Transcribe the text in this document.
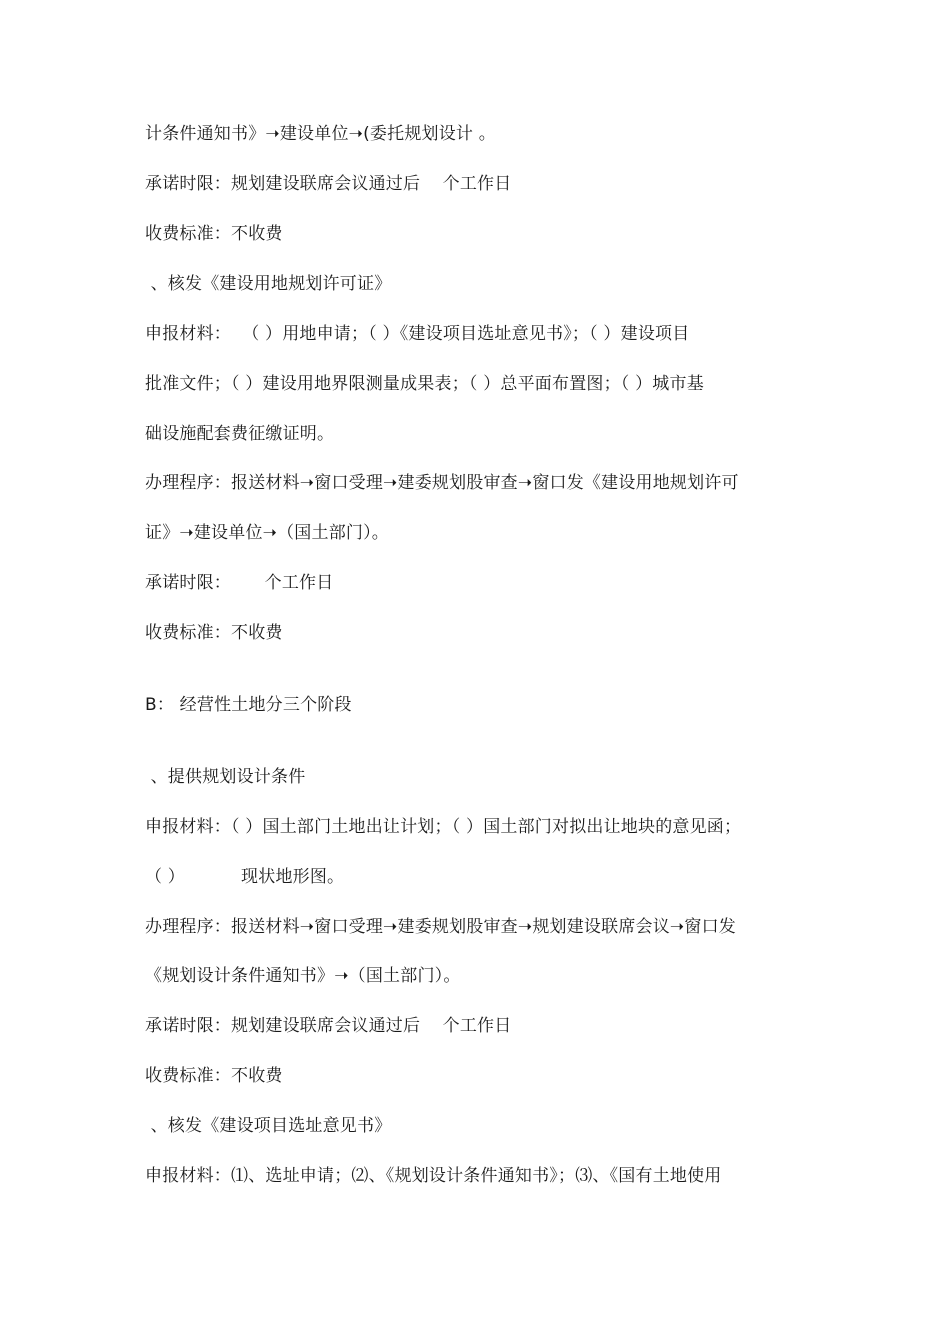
计条件通知书》➝建设单位➝(委托规划设计 。
承诺时限：规划建设联席会议通过后    个工作日
收费标准：不收费
、核发《建设用地规划许可证》
申报材料：  （ ）用地申请；（ ）《建设项目选址意见书》；（ ）建设项目
批准文件；（ ）建设用地界限测量成果表；（ ）总平面布置图；（ ）城市基
础设施配套费征缴证明。
办理程序：报送材料➝窗口受理➝建委规划股审查➝窗口发《建设用地规划许可
证》➝建设单位➝（国土部门）。
承诺时限：      个工作日
收费标准：不收费
B： 经营性土地分三个阶段
、提供规划设计条件
申报材料：（ ）国土部门土地出让计划；（ ）国土部门对拟出让地块的意见函；
（ ）          现状地形图。
办理程序：报送材料➝窗口受理➝建委规划股审查➝规划建设联席会议➝窗口发
《规划设计条件通知书》➝（国土部门）。
承诺时限：规划建设联席会议通过后    个工作日
收费标准：不收费
、核发《建设项目选址意见书》
申报材料：⑴、选址申请；⑵、《规划设计条件通知书》；⑶、《国有土地使用
